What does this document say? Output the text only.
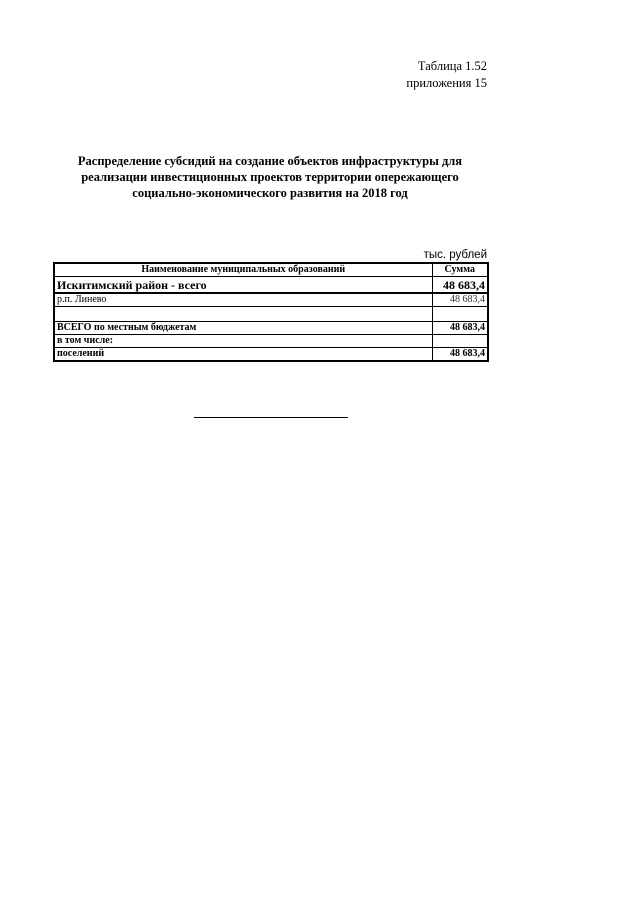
Таблица 1.52
приложения 15
Распределение субсидий на создание объектов инфраструктуры для
реализации инвестиционных проектов территории опережающего
социально-экономического развития на 2018 год
тыс. рублей
Наименование муниципальных образований	Сумма
Искитимский район - всего	48 683,4
р.п. Линево	48 683,4

ВСЕГО по местным бюджетам	48 683,4
в том числе:	
поселений	48 683,4
